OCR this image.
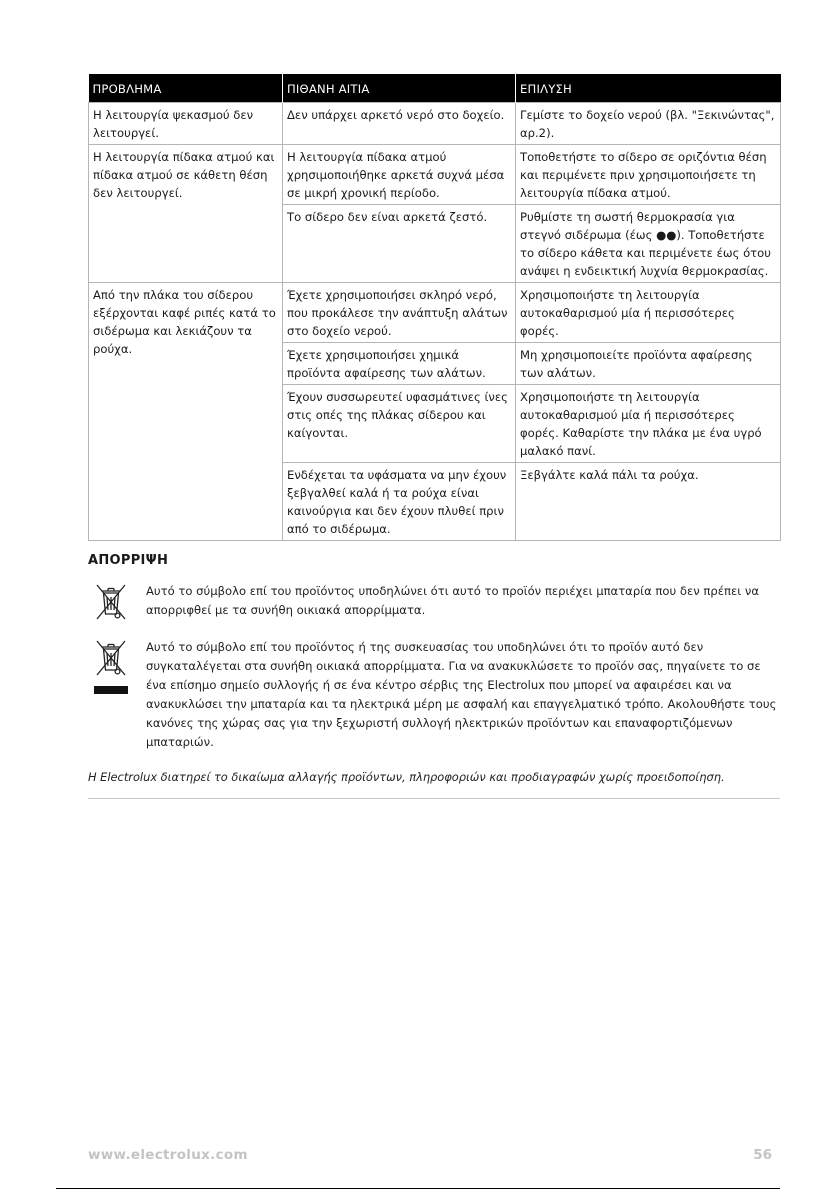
ΠΡΟΒΛΗΜΑ	ΠΙΘΑΝΗ ΑΙΤΙΑ	ΕΠΙΛΥΣΗ
Η λειτουργία ψεκασμού δεν λειτουργεί.	Δεν υπάρχει αρκετό νερό στο δοχείο.	Γεμίστε το δοχείο νερού (βλ. "Ξεκινώντας", αρ.2).
Η λειτουργία πίδακα ατμού και πίδακα ατμού σε κάθετη θέση δεν λειτουργεί.	Η λειτουργία πίδακα ατμού χρησιμοποιήθηκε αρκετά συχνά μέσα σε μικρή χρονική περίοδο.	Τοποθετήστε το σίδερο σε οριζόντια θέση και περιμένετε πριν χρησιμοποιήσετε τη λειτουργία πίδακα ατμού.
	Το σίδερο δεν είναι αρκετά ζεστό.	Ρυθμίστε τη σωστή θερμοκρασία για στεγνό σιδέρωμα (έως ●●). Τοποθετήστε το σίδερο κάθετα και περιμένετε έως ότου ανάψει η ενδεικτική λυχνία θερμοκρασίας.
Από την πλάκα του σίδερου εξέρχονται καφέ ριπές κατά το σιδέρωμα και λεκιάζουν τα ρούχα.	Έχετε χρησιμοποιήσει σκληρό νερό, που προκάλεσε την ανάπτυξη αλάτων στο δοχείο νερού.	Χρησιμοποιήστε τη λειτουργία αυτοκαθαρισμού μία ή περισσότερες φορές.
	Έχετε χρησιμοποιήσει χημικά προϊόντα αφαίρεσης των αλάτων.	Μη χρησιμοποιείτε προϊόντα αφαίρεσης των αλάτων.
	Έχουν συσσωρευτεί υφασμάτινες ίνες στις οπές της πλάκας σίδερου και καίγονται.	Χρησιμοποιήστε τη λειτουργία αυτοκαθαρισμού μία ή περισσότερες φορές. Καθαρίστε την πλάκα με ένα υγρό μαλακό πανί.
	Ενδέχεται τα υφάσματα να μην έχουν ξεβγαλθεί καλά ή τα ρούχα είναι καινούργια και δεν έχουν πλυθεί πριν από το σιδέρωμα.	Ξεβγάλτε καλά πάλι τα ρούχα.
ΑΠΟΡΡΙΨΗ
Αυτό το σύμβολο επί του προϊόντος υποδηλώνει ότι αυτό το προϊόν περιέχει μπαταρία που δεν πρέπει να απορριφθεί με τα συνήθη οικιακά απορρίμματα.
Αυτό το σύμβολο επί του προϊόντος ή της συσκευασίας του υποδηλώνει ότι το προϊόν αυτό δεν συγκαταλέγεται στα συνήθη οικιακά απορρίμματα. Για να ανακυκλώσετε το προϊόν σας, πηγαίνετε το σε ένα επίσημο σημείο συλλογής ή σε ένα κέντρο σέρβις της Electrolux που μπορεί να αφαιρέσει και να ανακυκλώσει την μπαταρία και τα ηλεκτρικά μέρη με ασφαλή και επαγγελματικό τρόπο. Ακολουθήστε τους κανόνες της χώρας σας για την ξεχωριστή συλλογή ηλεκτρικών προϊόντων και επαναφορτιζόμενων μπαταριών.
Η Electrolux διατηρεί το δικαίωμα αλλαγής προϊόντων, πληροφοριών και προδιαγραφών χωρίς προειδοποίηση.
www.electrolux.com	56
